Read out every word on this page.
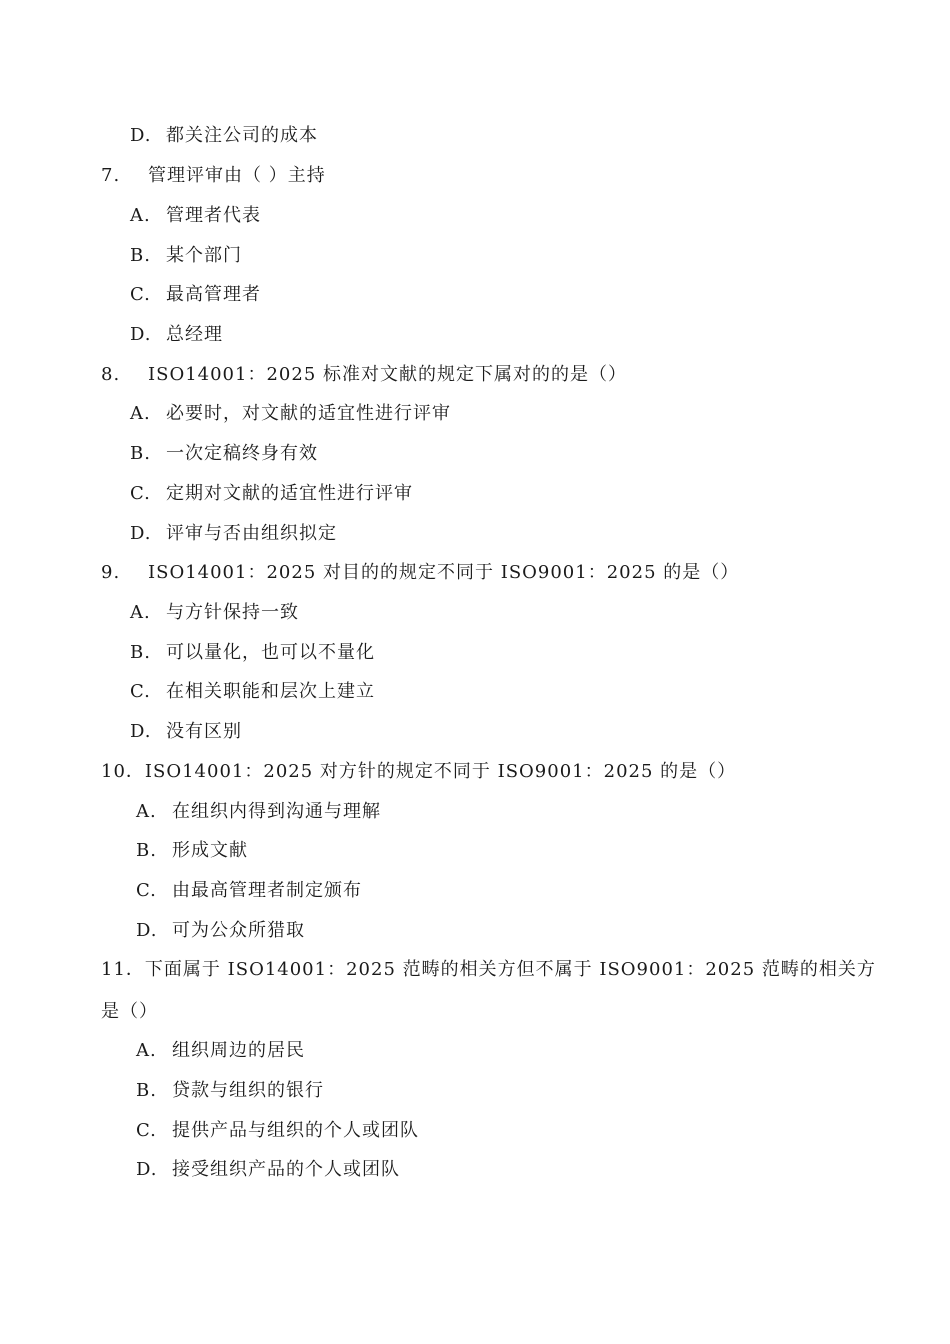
D. 都关注公司的成本
7. 管理评审由（ ）主持
A. 管理者代表
B. 某个部门
C. 最高管理者
D. 总经理
8. ISO14001：2025 标准对文献的规定下属对的的是（）
A. 必要时，对文献的适宜性进行评审
B. 一次定稿终身有效
C. 定期对文献的适宜性进行评审
D. 评审与否由组织拟定
9. ISO14001：2025 对目的的规定不同于 ISO9001：2025 的是（）
A. 与方针保持一致
B. 可以量化，也可以不量化
C. 在相关职能和层次上建立
D. 没有区别
10．ISO14001：2025 对方针的规定不同于 ISO9001：2025 的是（）
A. 在组织内得到沟通与理解
B. 形成文献
C. 由最高管理者制定颁布
D. 可为公众所猎取
11．下面属于 ISO14001：2025 范畴的相关方但不属于 ISO9001：2025 范畴的相关方
是（）
A. 组织周边的居民
B. 贷款与组织的银行
C. 提供产品与组织的个人或团队
D. 接受组织产品的个人或团队
